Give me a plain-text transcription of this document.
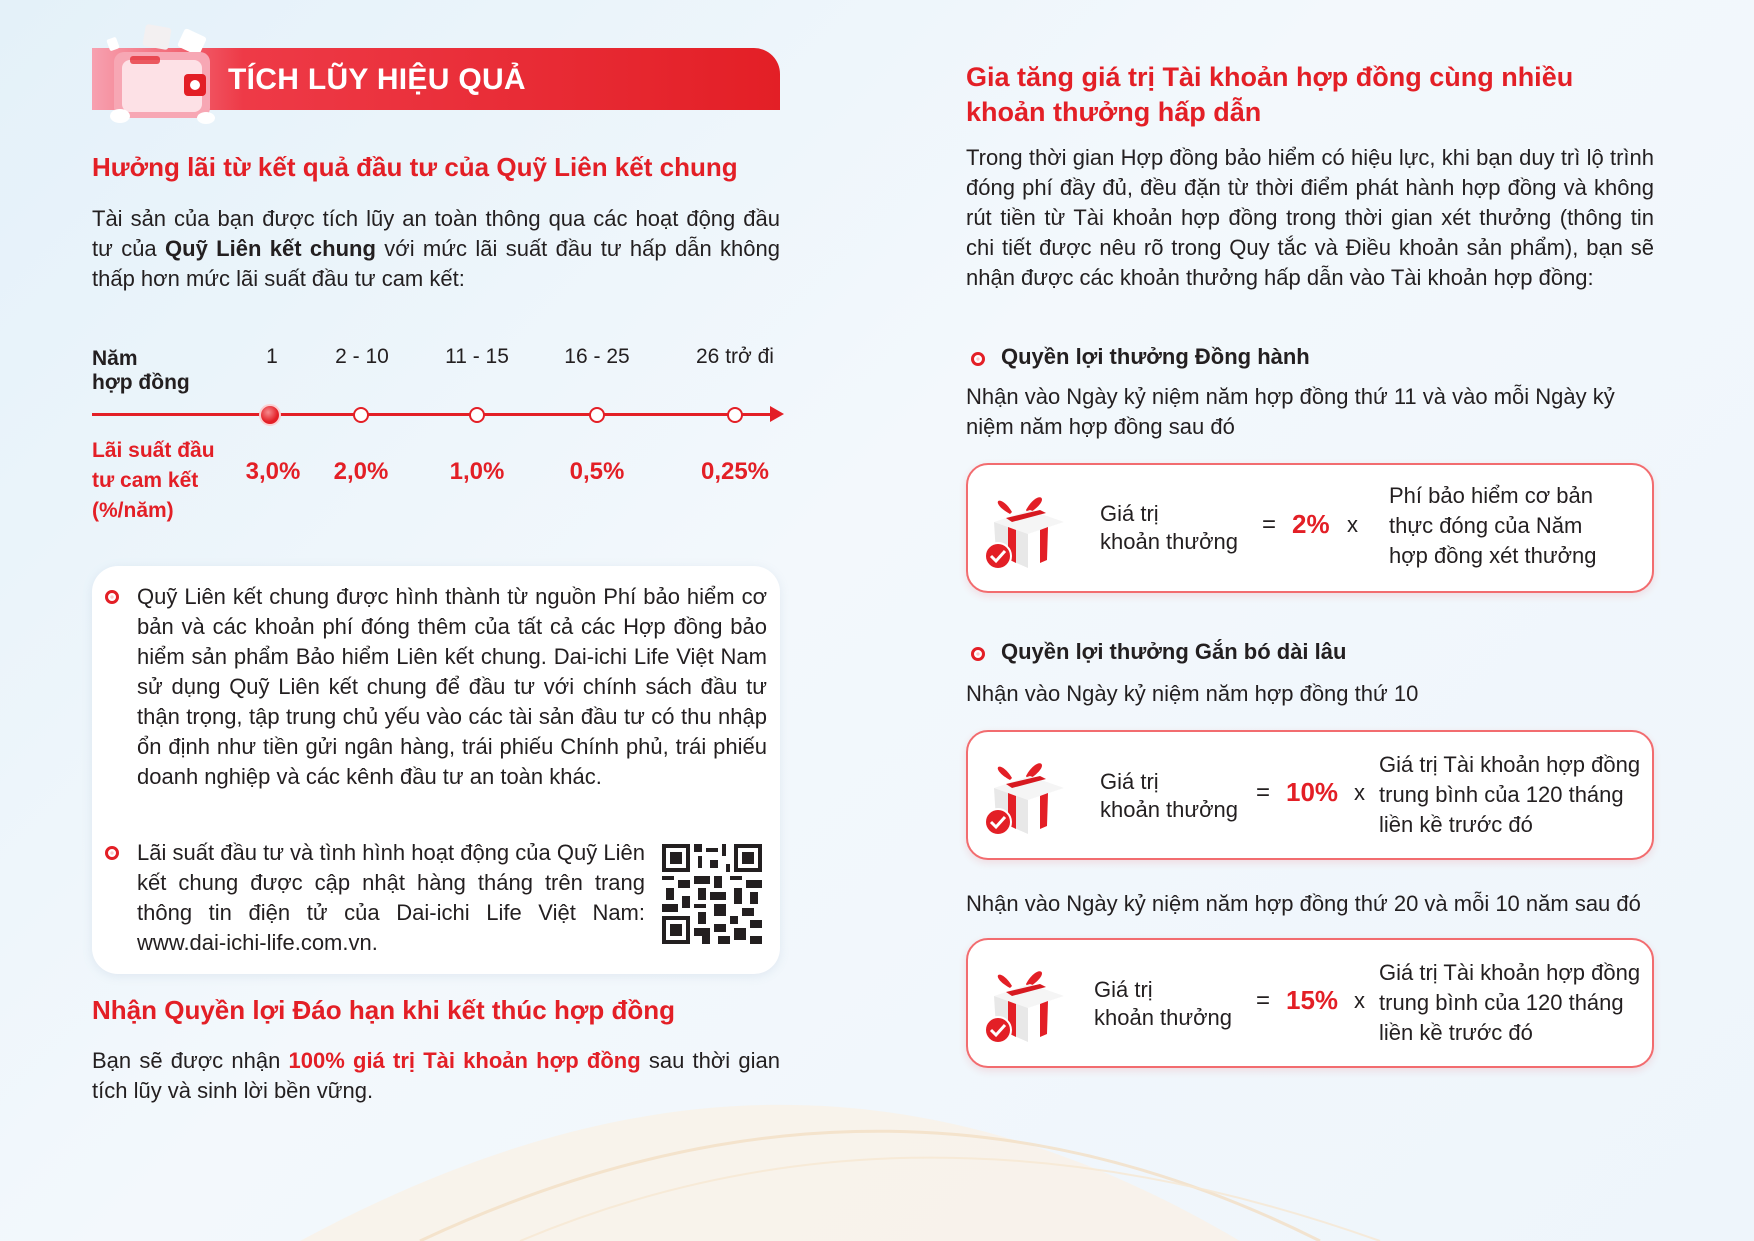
TÍCH LŨY HIỆU QUẢ
Hưởng lãi từ kết quả đầu tư của Quỹ Liên kết chung
Tài sản của bạn được tích lũy an toàn thông qua các hoạt động đầu tư của Quỹ Liên kết chung với mức lãi suất đầu tư hấp dẫn không thấp hơn mức lãi suất đầu tư cam kết:
Năm
hợp đồng
1	2 - 10	11 - 15	16 - 25	26 trở đi
Lãi suất đầu
tư cam kết
(%/năm)
3,0%	2,0%	1,0%	0,5%	0,25%
Quỹ Liên kết chung được hình thành từ nguồn Phí bảo hiểm cơ bản và các khoản phí đóng thêm của tất cả các Hợp đồng bảo hiểm sản phẩm Bảo hiểm Liên kết chung. Dai-ichi Life Việt Nam sử dụng Quỹ Liên kết chung để đầu tư với chính sách đầu tư thận trọng, tập trung chủ yếu vào các tài sản đầu tư có thu nhập ổn định như tiền gửi ngân hàng, trái phiếu Chính phủ, trái phiếu doanh nghiệp và các kênh đầu tư an toàn khác.
Lãi suất đầu tư và tình hình hoạt động của Quỹ Liên kết chung được cập nhật hàng tháng trên trang thông tin điện tử của Dai-ichi Life Việt Nam: www.dai-ichi-life.com.vn.
Nhận Quyền lợi Đáo hạn khi kết thúc hợp đồng
Bạn sẽ được nhận 100% giá trị Tài khoản hợp đồng sau thời gian tích lũy và sinh lời bền vững.
Gia tăng giá trị Tài khoản hợp đồng cùng nhiều
khoản thưởng hấp dẫn
Trong thời gian Hợp đồng bảo hiểm có hiệu lực, khi bạn duy trì lộ trình đóng phí đầy đủ, đều đặn từ thời điểm phát hành hợp đồng và không rút tiền từ Tài khoản hợp đồng trong thời gian xét thưởng (thông tin chi tiết được nêu rõ trong Quy tắc và Điều khoản sản phẩm), bạn sẽ nhận được các khoản thưởng hấp dẫn vào Tài khoản hợp đồng:
Quyền lợi thưởng Đồng hành
Nhận vào Ngày kỷ niệm năm hợp đồng thứ 11 và vào mỗi Ngày kỷ niệm năm hợp đồng sau đó
Giá trị
khoản thưởng
= 2% x
Phí bảo hiểm cơ bản
thực đóng của Năm
hợp đồng xét thưởng
Quyền lợi thưởng Gắn bó dài lâu
Nhận vào Ngày kỷ niệm năm hợp đồng thứ 10
Giá trị
khoản thưởng
= 10% x
Giá trị Tài khoản hợp đồng
trung bình của 120 tháng
liền kề trước đó
Nhận vào Ngày kỷ niệm năm hợp đồng thứ 20 và mỗi 10 năm sau đó
Giá trị
khoản thưởng
= 15% x
Giá trị Tài khoản hợp đồng
trung bình của 120 tháng
liền kề trước đó
